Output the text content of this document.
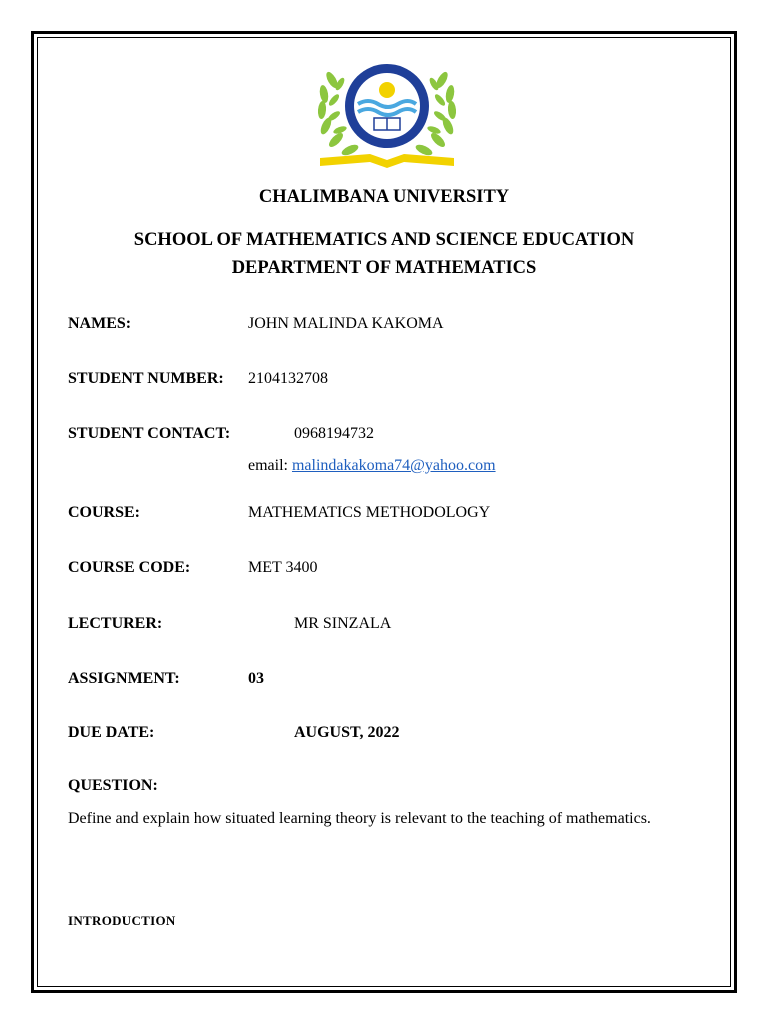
CHALIMBANA UNIVERSITY
SCHOOL OF MATHEMATICS AND SCIENCE EDUCATION
DEPARTMENT OF MATHEMATICS
NAMES:	JOHN MALINDA KAKOMA
STUDENT NUMBER: 2104132708
STUDENT CONTACT:	0968194732
email: malindakakoma74@yahoo.com
COURSE:	MATHEMATICS METHODOLOGY
COURSE CODE:	MET 3400
LECTURER:	MR SINZALA
ASSIGNMENT:	03
DUE DATE:	AUGUST, 2022
QUESTION:
Define and explain how situated learning theory is relevant to the teaching of mathematics.
INTRODUCTION
